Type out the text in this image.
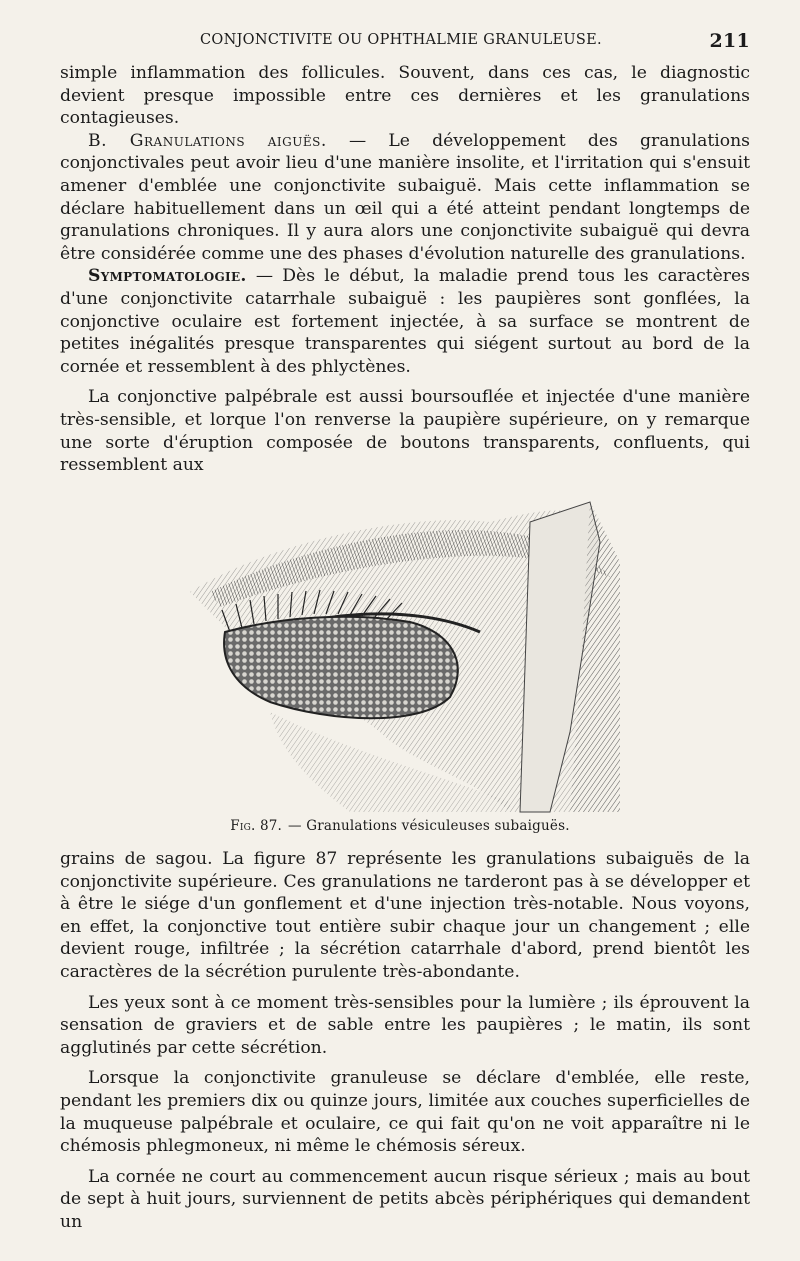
CONJONCTIVITE OU OPHTHALMIE GRANULEUSE.	211

simple inflammation des follicules. Souvent, dans ces cas, le diagnostic devient presque impossible entre ces dernières et les granulations contagieuses.

B. Granulations aiguës. — Le développement des granulations conjonctivales peut avoir lieu d'une manière insolite, et l'irritation qui s'ensuit amener d'emblée une conjonctivite subaiguë. Mais cette inflammation se déclare habituellement dans un œil qui a été atteint pendant longtemps de granulations chroniques. Il y aura alors une conjonctivite subaiguë qui devra être considérée comme une des phases d'évolution naturelle des granulations.

Symptomatologie. — Dès le début, la maladie prend tous les caractères d'une conjonctivite catarrhale subaiguë : les paupières sont gonflées, la conjonctive oculaire est fortement injectée, à sa surface se montrent de petites inégalités presque transparentes qui siégent surtout au bord de la cornée et ressemblent à des phlyctènes.

La conjonctive palpébrale est aussi boursouflée et injectée d'une manière très-sensible, et lorque l'on renverse la paupière supérieure, on y remarque une sorte d'éruption composée de boutons transparents, confluents, qui ressemblent aux

Fig. 87. — Granulations vésiculeuses subaiguës.

grains de sagou. La figure 87 représente les granulations subaiguës de la conjonctivite supérieure. Ces granulations ne tarderont pas à se développer et à être le siége d'un gonflement et d'une injection très-notable. Nous voyons, en effet, la conjonctive tout entière subir chaque jour un changement ; elle devient rouge, infiltrée ; la sécrétion catarrhale d'abord, prend bientôt les caractères de la sécrétion purulente très-abondante.

Les yeux sont à ce moment très-sensibles pour la lumière ; ils éprouvent la sensation de graviers et de sable entre les paupières ; le matin, ils sont agglutinés par cette sécrétion.

Lorsque la conjonctivite granuleuse se déclare d'emblée, elle reste, pendant les premiers dix ou quinze jours, limitée aux couches superficielles de la muqueuse palpébrale et oculaire, ce qui fait qu'on ne voit apparaître ni le chémosis phlegmoneux, ni même le chémosis séreux.

La cornée ne court au commencement aucun risque sérieux ; mais au bout de sept à huit jours, surviennent de petits abcès périphériques qui demandent un
